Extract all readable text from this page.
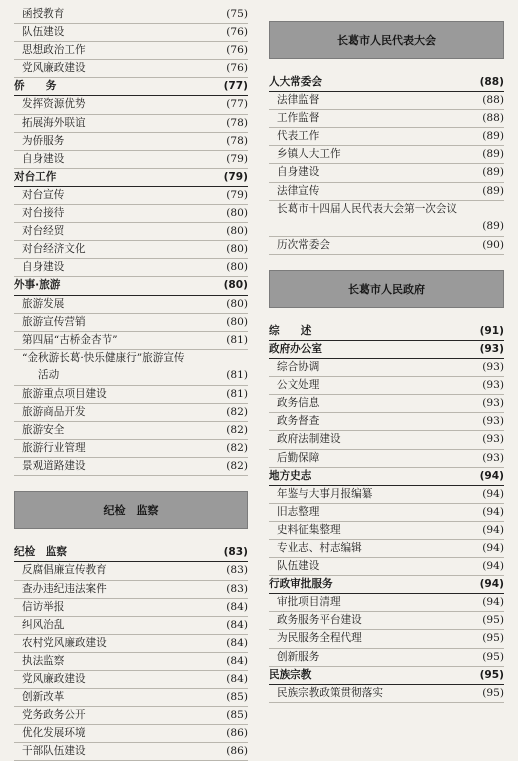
函授教育	(75)
队伍建设	(76)
思想政治工作	(76)
党风廉政建设	(76)
侨　　务	(77)
发挥资源优势	(77)
拓展海外联谊	(78)
为侨服务	(78)
自身建设	(79)
对台工作	(79)
对台宣传	(79)
对台接待	(80)
对台经贸	(80)
对台经济文化	(80)
自身建设	(80)
外事·旅游	(80)
旅游发展	(80)
旅游宣传营销	(80)
第四届“古桥金杏节”	(81)
“金秋游长葛·快乐健康行”旅游宣传
活动	(81)
旅游重点项目建设	(81)
旅游商品开发	(82)
旅游安全	(82)
旅游行业管理	(82)
景观道路建设	(82)
纪检　监察
纪检　监察	(83)
反腐倡廉宣传教育	(83)
查办违纪违法案件	(83)
信访举报	(84)
纠风治乱	(84)
农村党风廉政建设	(84)
执法监察	(84)
党风廉政建设	(84)
创新改革	(85)
党务政务公开	(85)
优化发展环境	(86)
干部队伍建设	(86)
长葛市人民代表大会
人大常委会	(88)
法律监督	(88)
工作监督	(88)
代表工作	(89)
乡镇人大工作	(89)
自身建设	(89)
法律宣传	(89)
长葛市十四届人民代表大会第一次会议
(89)
历次常委会	(90)
长葛市人民政府
综　　述	(91)
政府办公室	(93)
综合协调	(93)
公文处理	(93)
政务信息	(93)
政务督查	(93)
政府法制建设	(93)
后勤保障	(93)
地方史志	(94)
年鉴与大事月报编纂	(94)
旧志整理	(94)
史料征集整理	(94)
专业志、村志编辑	(94)
队伍建设	(94)
行政审批服务	(94)
审批项目清理	(94)
政务服务平台建设	(95)
为民服务全程代理	(95)
创新服务	(95)
民族宗教	(95)
民族宗教政策贯彻落实	(95)
